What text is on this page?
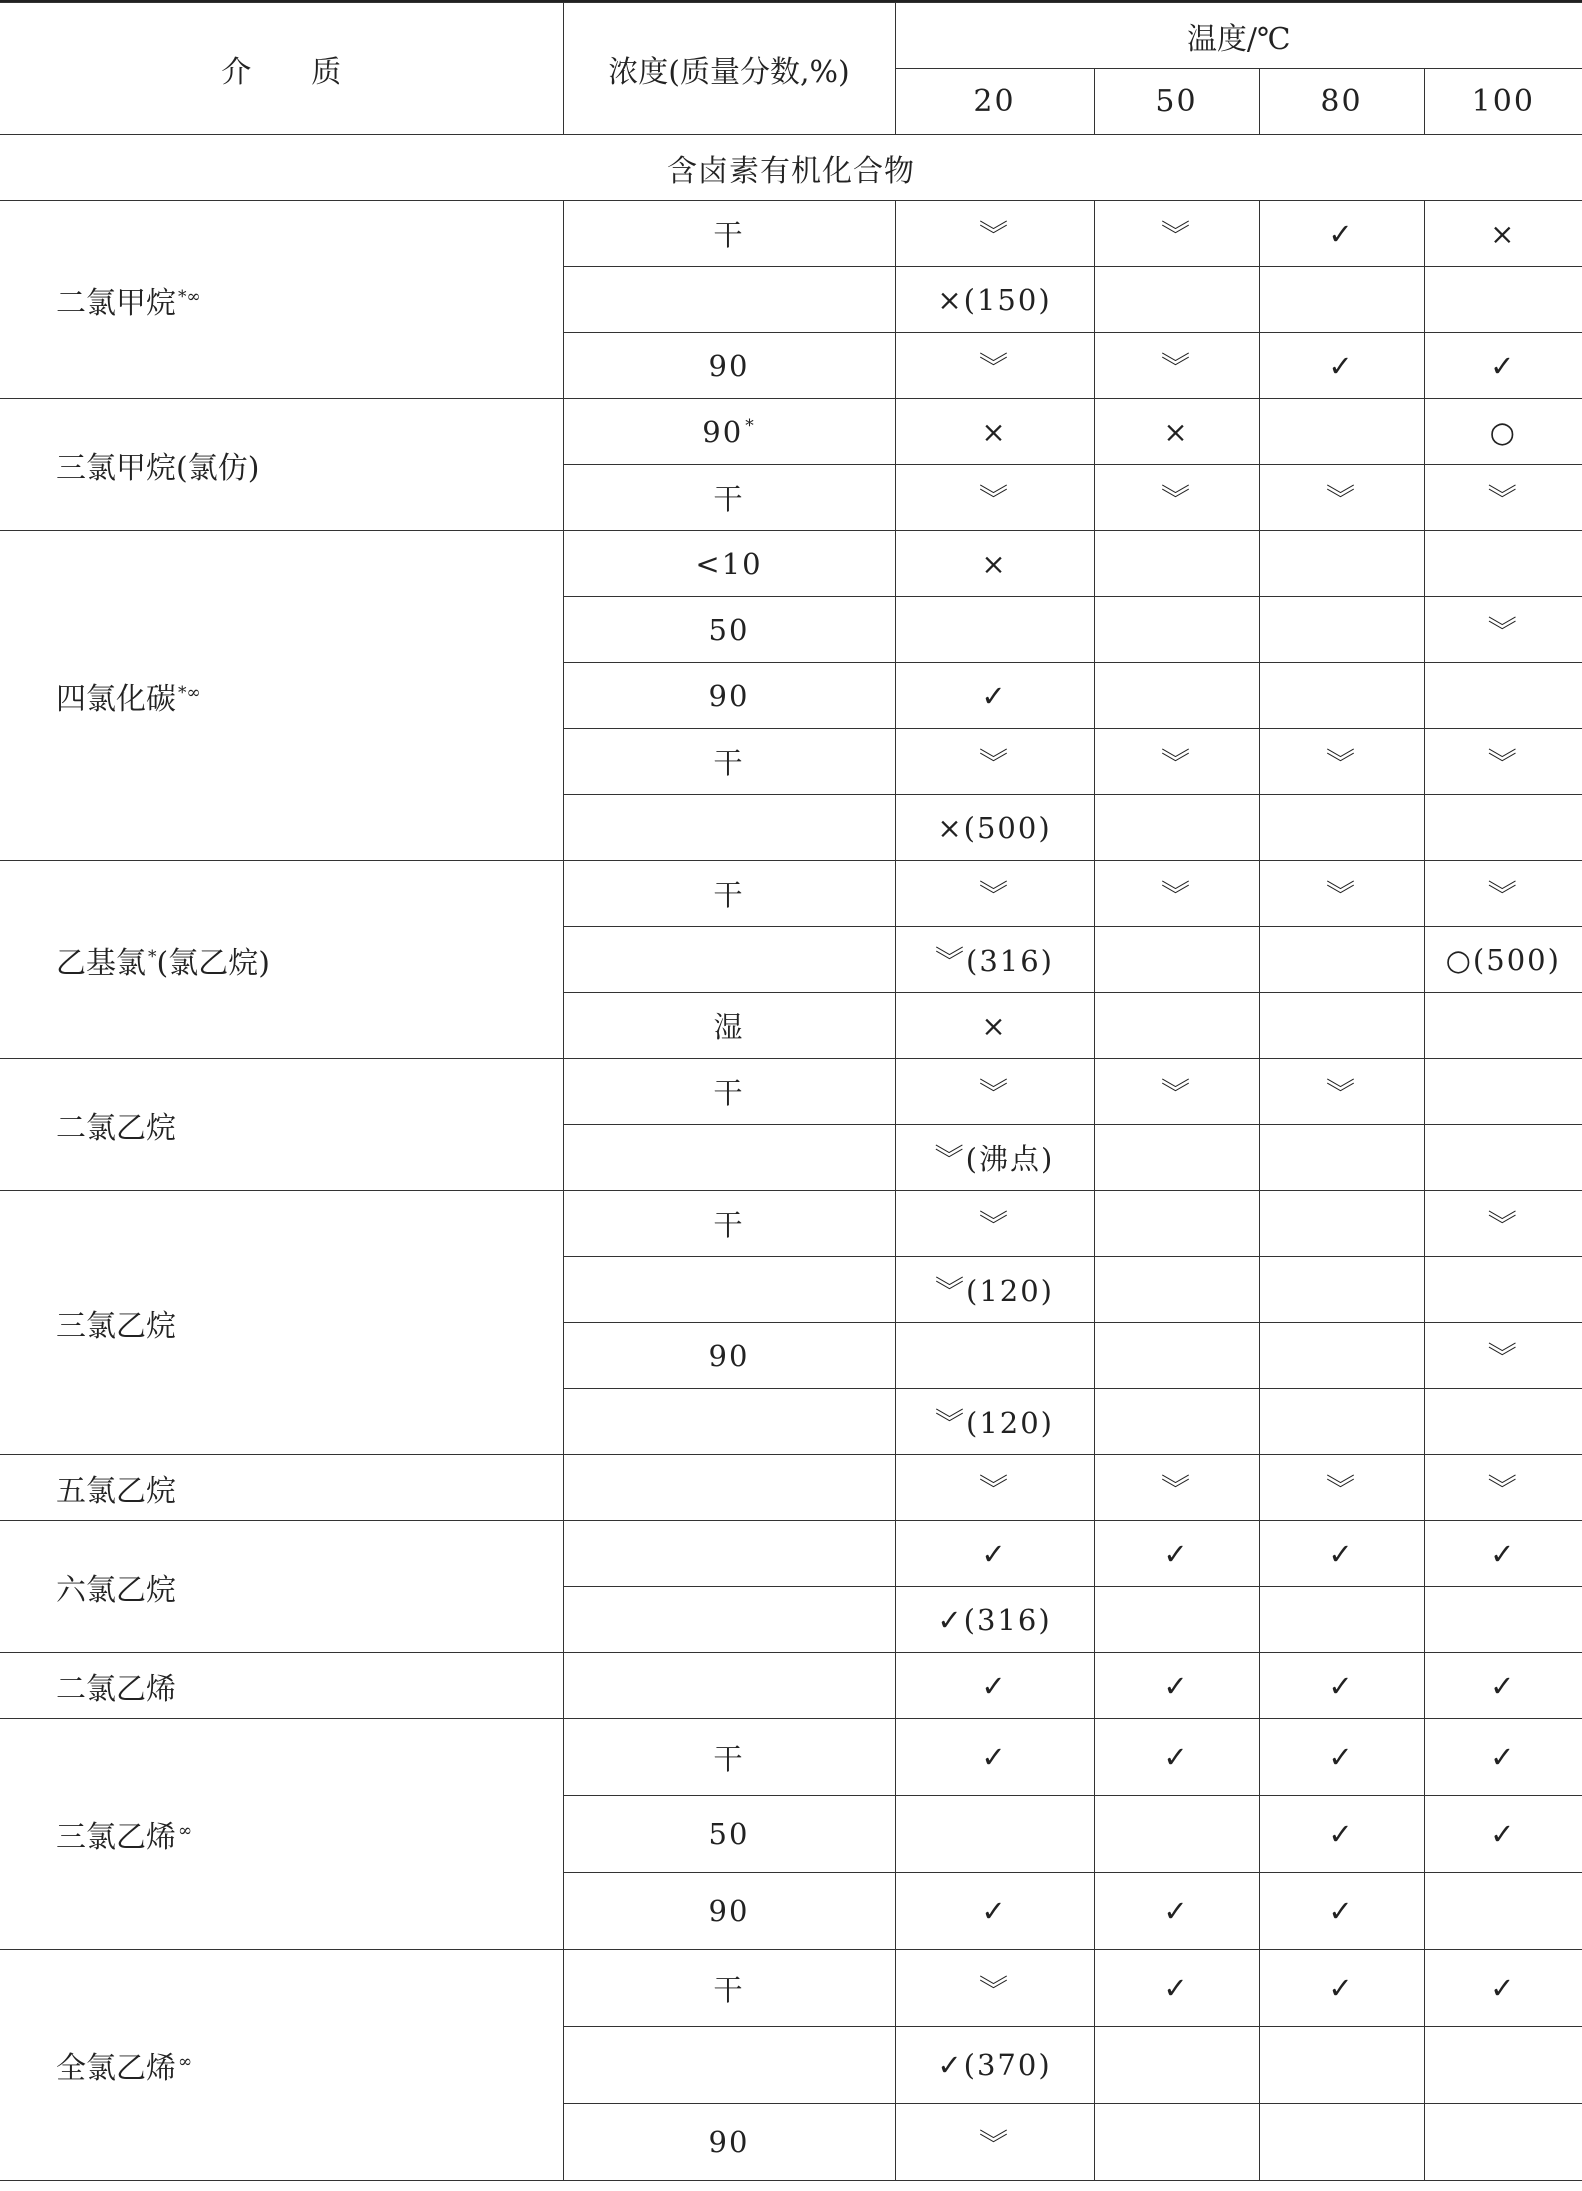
介　　质	浓度(质量分数,%)	温度/℃			
		20	50	80	100
含卤素有机化合物					
二氯甲烷 *∞	干	︾	︾	✓	×
		×(150)			
	90	︾	︾	✓	✓
三氯甲烷(氯仿)	90 *	×	×		○
	干	︾	︾	︾	︾
四氯化碳 *∞	<10	×			
	50				︾
	90	✓			
	干	︾	︾	︾	︾
		×(500)			
乙基氯 *(氯乙烷)	干	︾	︾	︾	︾
		︾(316)			○(500)
	湿	×			
二氯乙烷	干	︾	︾	︾	
		︾(沸点)			
三氯乙烷	干	︾			︾
		︾(120)			
	90				︾
		︾(120)			
五氯乙烷		︾	︾	︾	︾
六氯乙烷		✓	✓	✓	✓
		✓(316)			
二氯乙烯		✓	✓	✓	✓
三氯乙烯 ∞	干	✓	✓	✓	✓
	50			✓	✓
	90	✓	✓	✓	
全氯乙烯 ∞	干	︾	✓	✓	✓
		✓(370)			
	90	︾			
